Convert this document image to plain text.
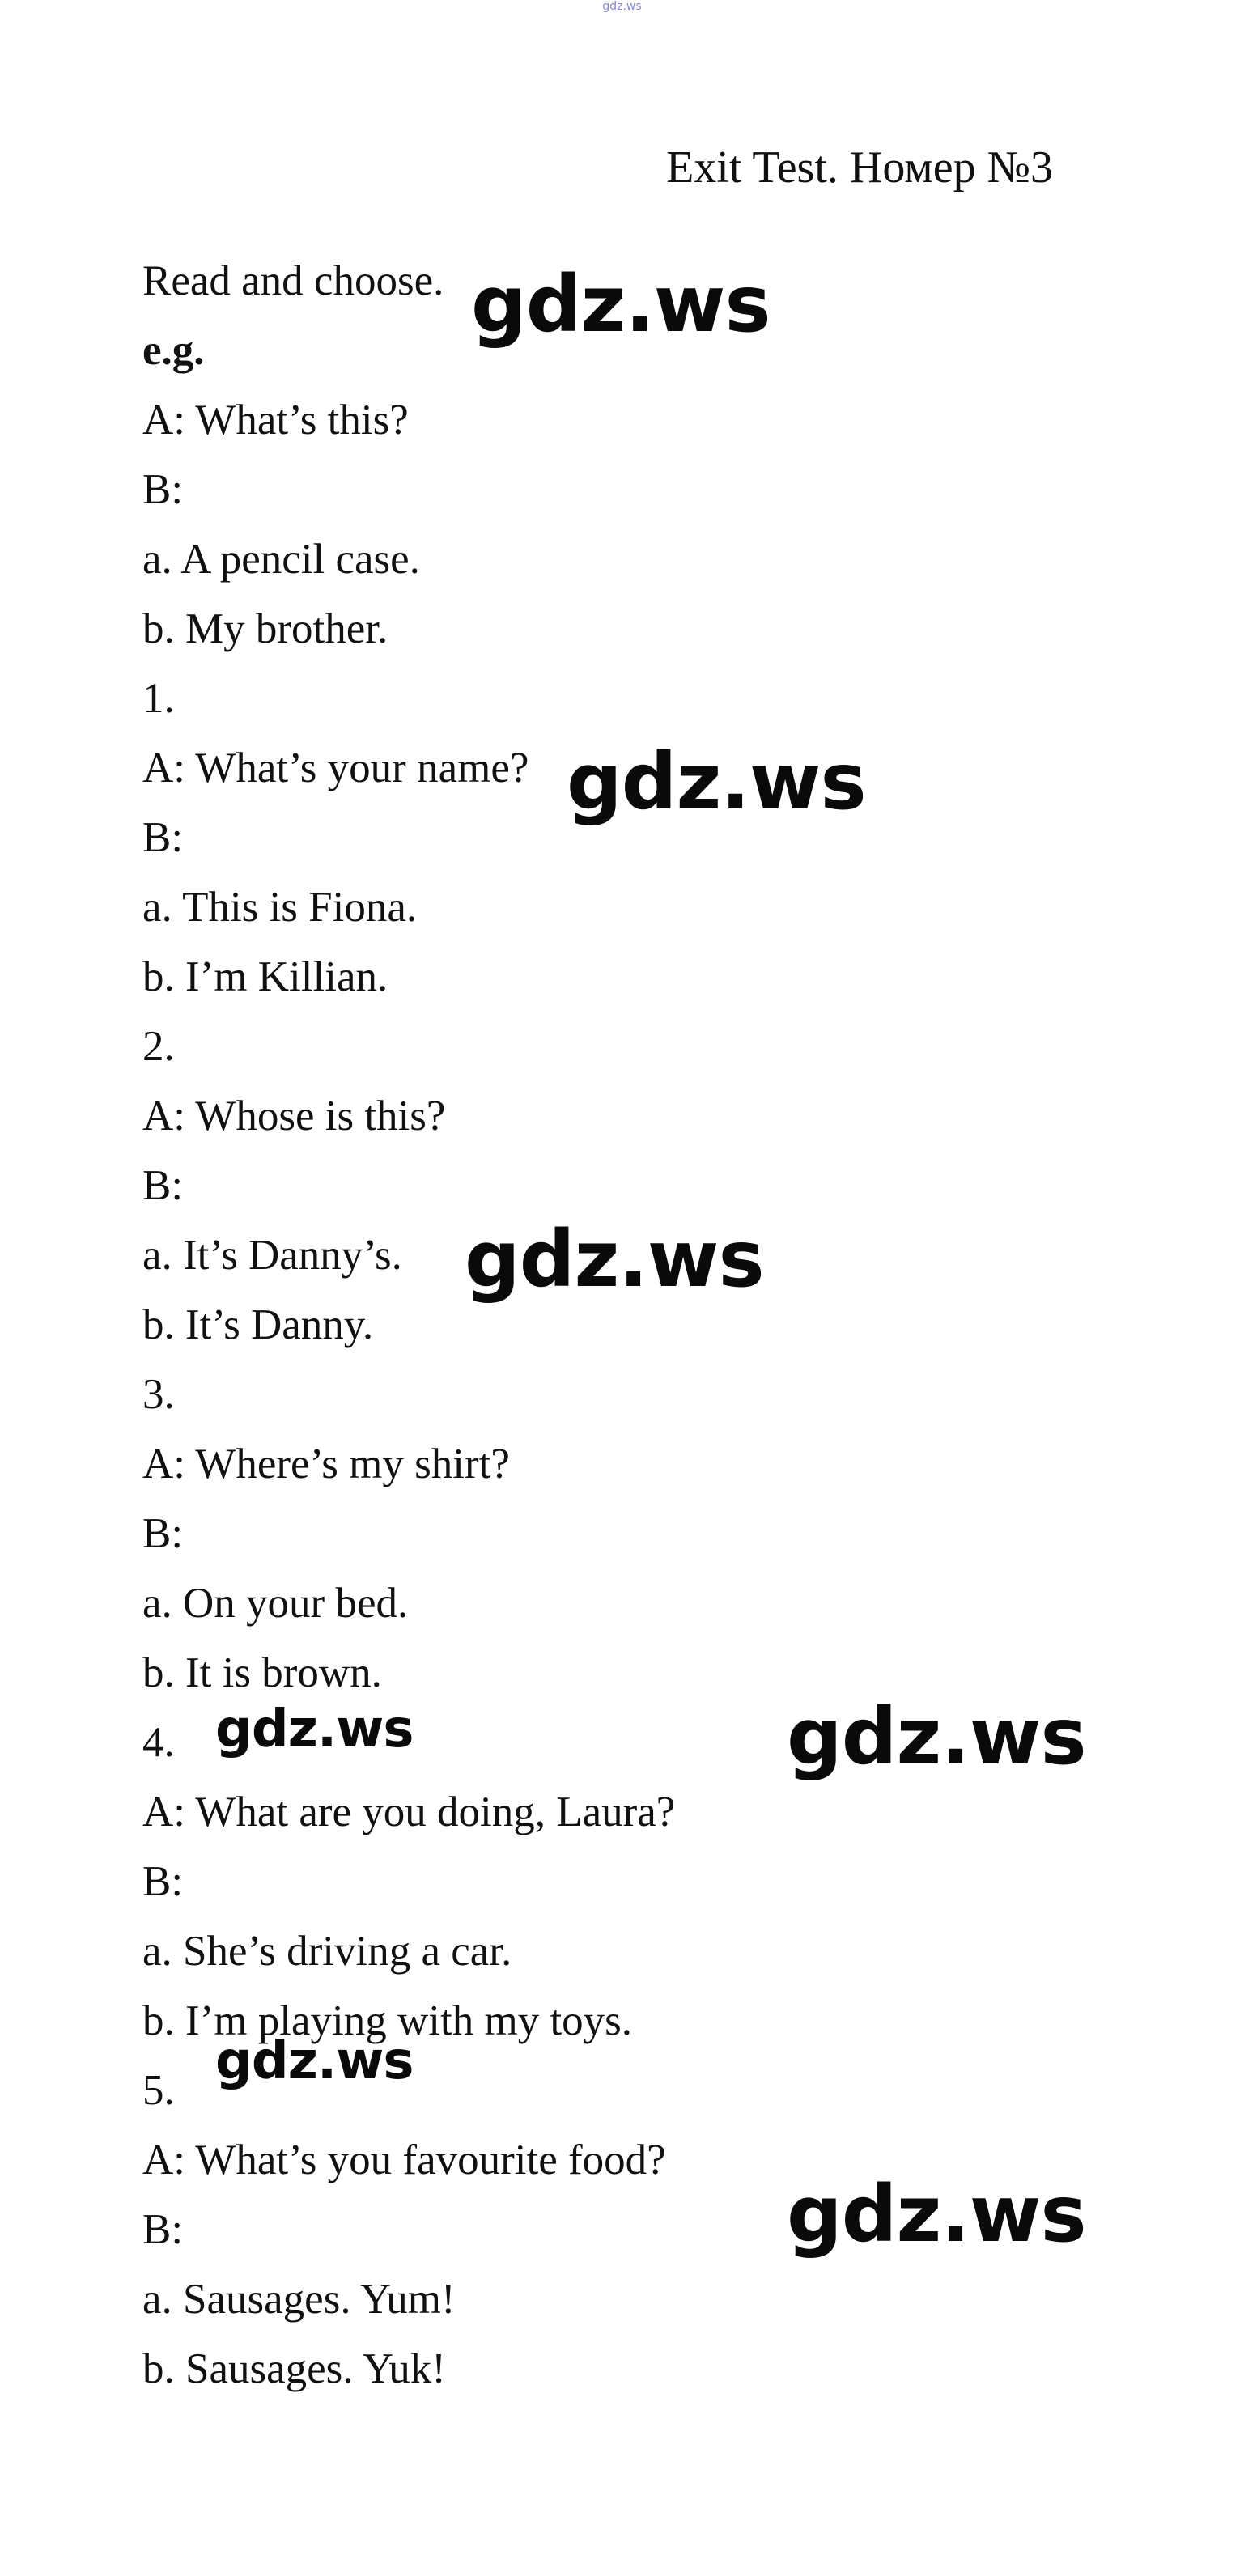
gdz.ws
Exit Test. Номер №3
Read and choose.
e.g.
A: What’s this?
B:
a. A pencil case.
b. My brother.
1.
A: What’s your name?
B:
a. This is Fiona.
b. I’m Killian.
2.
A: Whose is this?
B:
a. It’s Danny’s.
b. It’s Danny.
3.
A: Where’s my shirt?
B:
a. On your bed.
b. It is brown.
4.
A: What are you doing, Laura?
B:
a. She’s driving a car.
b. I’m playing with my toys.
5.
A: What’s you favourite food?
B:
a. Sausages. Yum!
b. Sausages. Yuk!
gdz.ws
gdz.ws
gdz.ws
gdz.ws	gdz.ws
gdz.ws
gdz.ws
